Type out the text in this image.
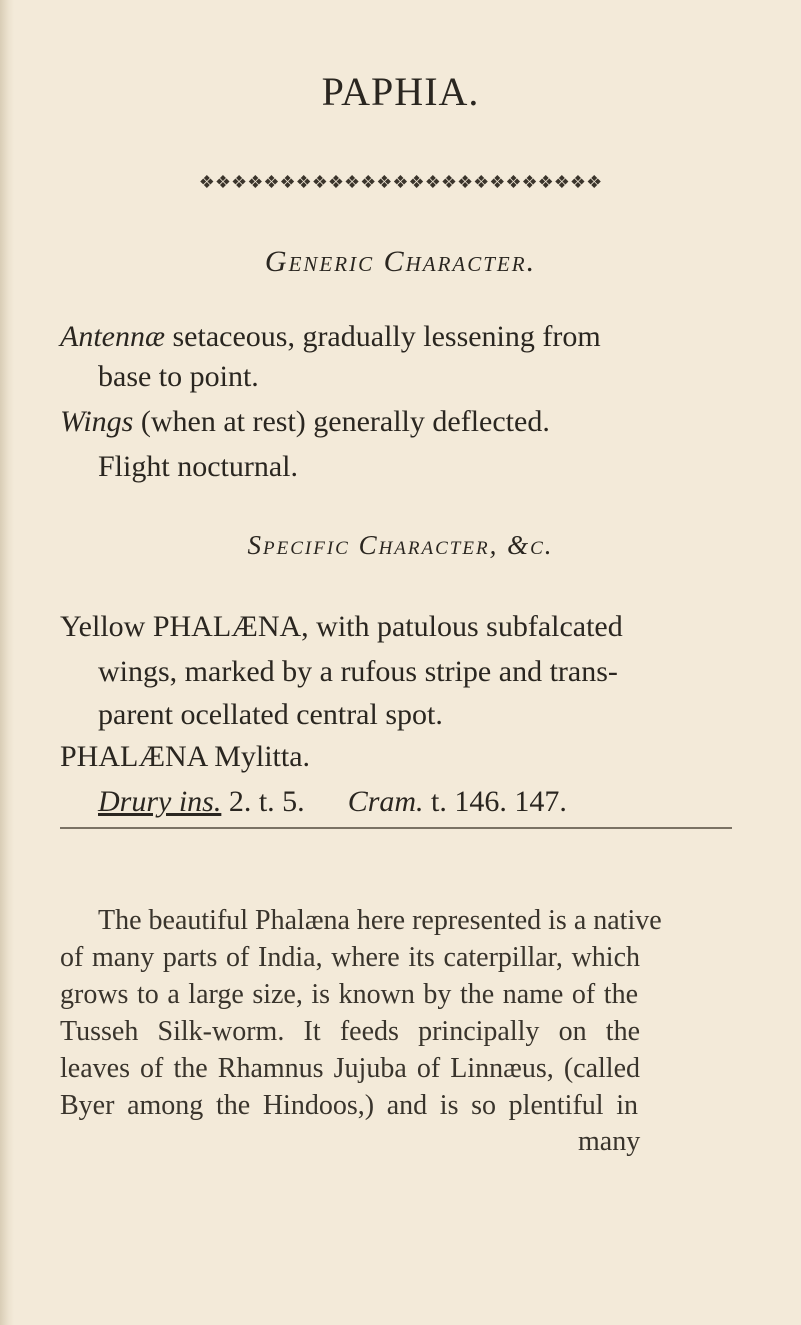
PAPHIA.
❖❖❖❖❖❖❖❖❖❖❖❖❖❖❖❖❖❖❖❖❖❖❖❖❖
Generic Character.
Antennæ setaceous, gradually lessening from
base to point.
Wings (when at rest) generally deflected.
Flight nocturnal.
Specific Character, &c.
Yellow PHALÆNA, with patulous subfalcated
wings, marked by a rufous stripe and trans-
parent ocellated central spot.
PHALÆNA Mylitta.
Drury ins. 2. t. 5. Cram. t. 146. 147.
The beautiful Phalæna here represented is a native
of many parts of India, where its caterpillar, which
grows to a large size, is known by the name of the
Tusseh Silk-worm. It feeds principally on the
leaves of the Rhamnus Jujuba of Linnæus, (called
Byer among the Hindoos,) and is so plentiful in
many
